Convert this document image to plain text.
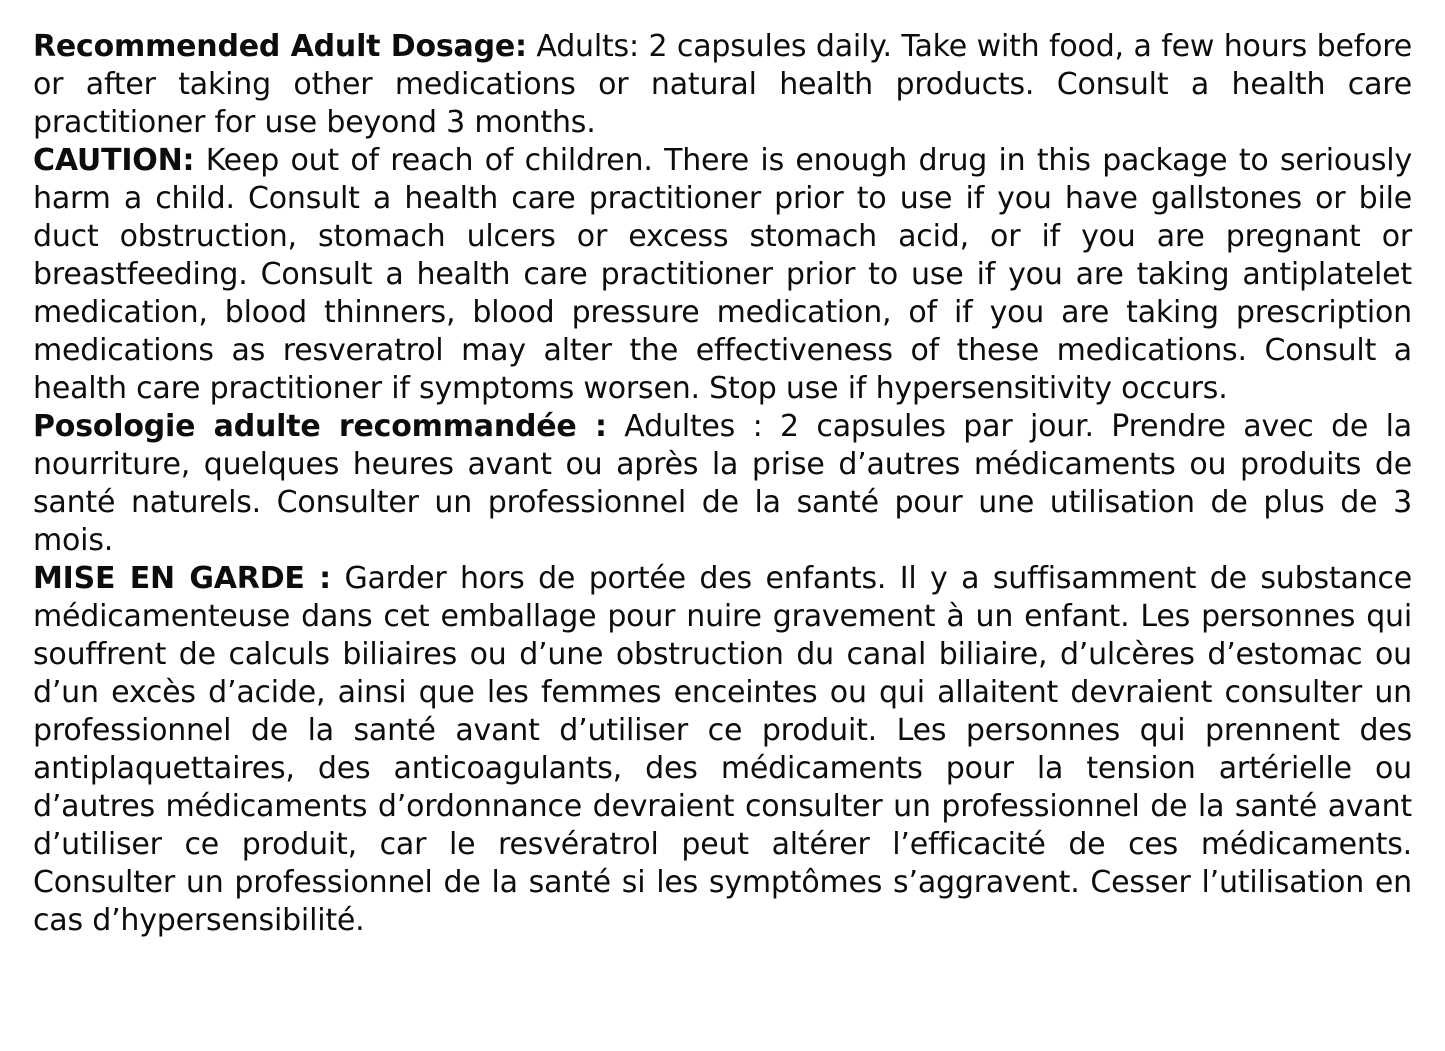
Recommended Adult Dosage: Adults: 2 capsules daily. Take with food, a few hours before or after taking other medications or natural health products. Consult a health care practitioner for use beyond 3 months.

CAUTION: Keep out of reach of children. There is enough drug in this package to seriously harm a child. Consult a health care practitioner prior to use if you have gallstones or bile duct obstruction, stomach ulcers or excess stomach acid, or if you are pregnant or breastfeeding. Consult a health care practitioner prior to use if you are taking antiplatelet medication, blood thinners, blood pressure medication, of if you are taking prescription medications as resveratrol may alter the effectiveness of these medications. Consult a health care practitioner if symptoms worsen. Stop use if hypersensitivity occurs.

Posologie adulte recommandée : Adultes : 2 capsules par jour. Prendre avec de la nourriture, quelques heures avant ou après la prise d’autres médicaments ou produits de santé naturels. Consulter un professionnel de la santé pour une utilisation de plus de 3 mois.

MISE EN GARDE : Garder hors de portée des enfants. Il y a suffisamment de substance médicamenteuse dans cet emballage pour nuire gravement à un enfant. Les personnes qui souffrent de calculs biliaires ou d’une obstruction du canal biliaire, d’ulcères d’estomac ou d’un excès d’acide, ainsi que les femmes enceintes ou qui allaitent devraient consulter un professionnel de la santé avant d’utiliser ce produit. Les personnes qui prennent des antiplaquettaires, des anticoagulants, des médicaments pour la tension artérielle ou d’autres médicaments d’ordonnance devraient consulter un professionnel de la santé avant d’utiliser ce produit, car le resvératrol peut altérer l’efficacité de ces médicaments. Consulter un professionnel de la santé si les symptômes s’aggravent. Cesser l’utilisation en cas d’hypersensibilité.
